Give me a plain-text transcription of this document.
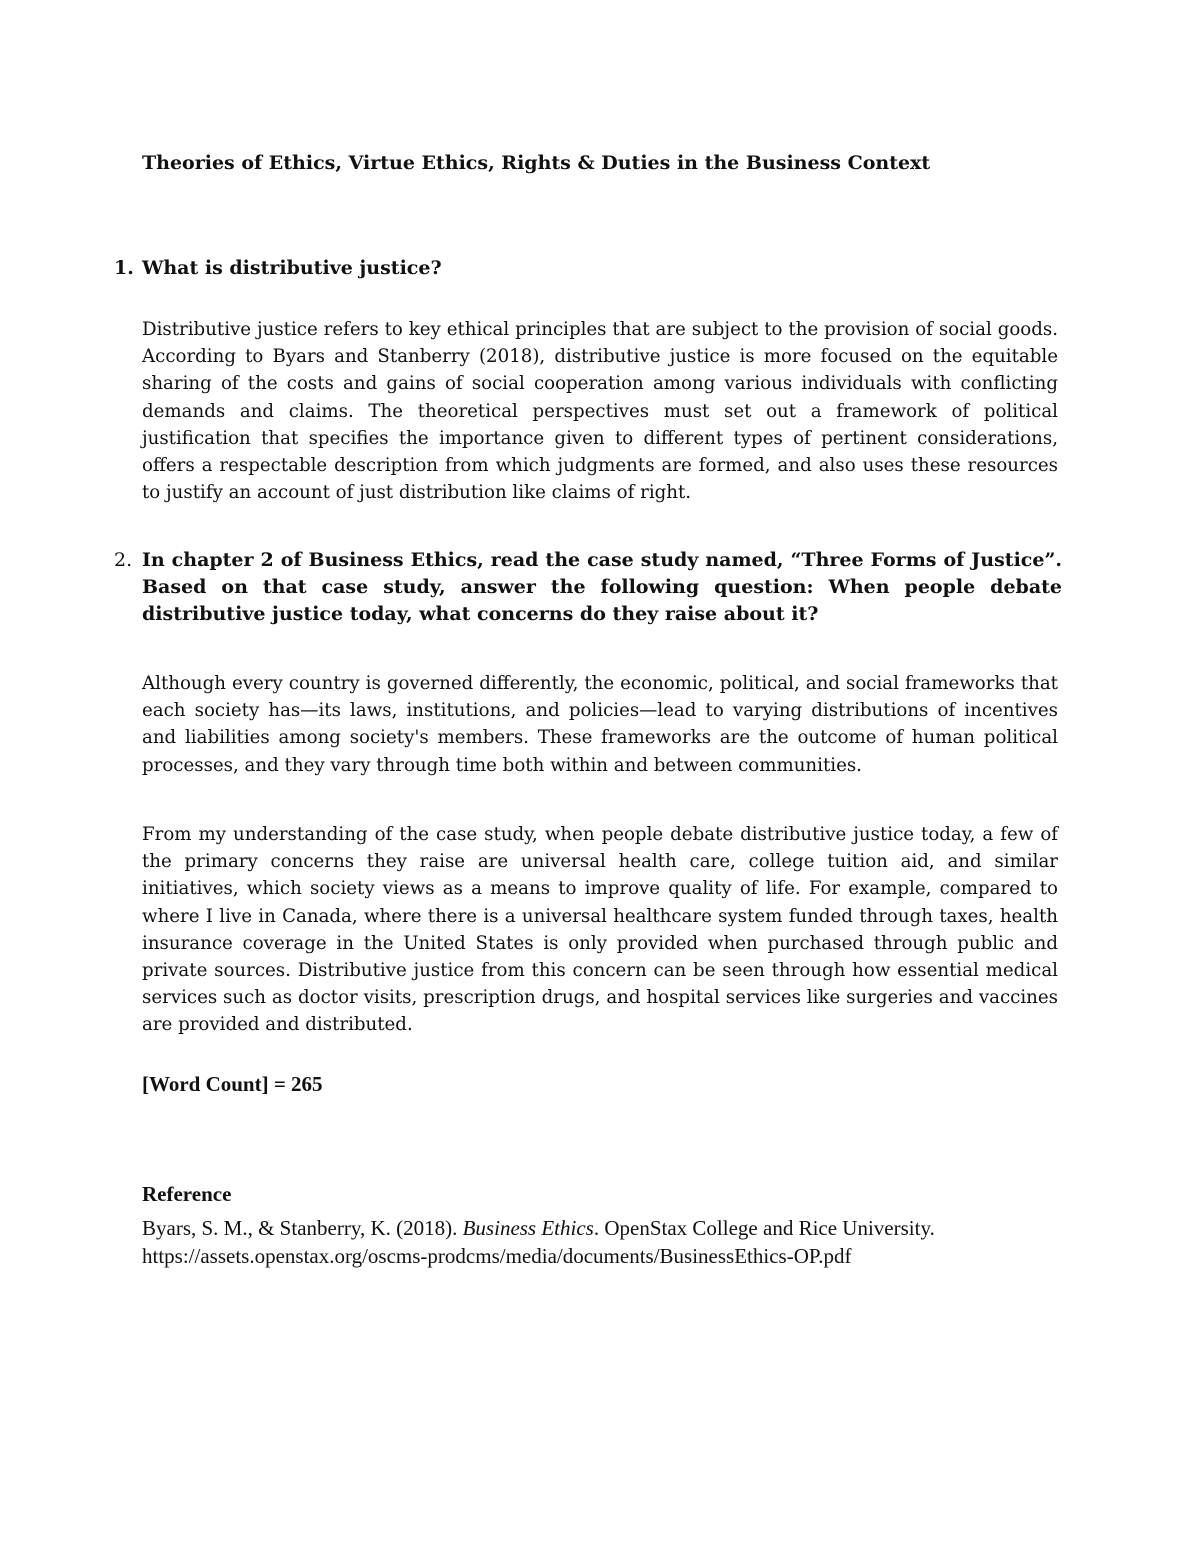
Theories of Ethics, Virtue Ethics, Rights & Duties in the Business Context
1. What is distributive justice?

Distributive justice refers to key ethical principles that are subject to the provision of social goods. According to Byars and Stanberry (2018), distributive justice is more focused on the equitable sharing of the costs and gains of social cooperation among various individuals with conflicting demands and claims. The theoretical perspectives must set out a framework of political justification that specifies the importance given to different types of pertinent considerations, offers a respectable description from which judgments are formed, and also uses these resources to justify an account of just distribution like claims of right.

2. In chapter 2 of Business Ethics, read the case study named, “Three Forms of Justice”. Based on that case study, answer the following question: When people debate distributive justice today, what concerns do they raise about it?

Although every country is governed differently, the economic, political, and social frameworks that each society has—its laws, institutions, and policies—lead to varying distributions of incentives and liabilities among society's members. These frameworks are the outcome of human political processes, and they vary through time both within and between communities.

From my understanding of the case study, when people debate distributive justice today, a few of the primary concerns they raise are universal health care, college tuition aid, and similar initiatives, which society views as a means to improve quality of life. For example, compared to where I live in Canada, where there is a universal healthcare system funded through taxes, health insurance coverage in the United States is only provided when purchased through public and private sources. Distributive justice from this concern can be seen through how essential medical services such as doctor visits, prescription drugs, and hospital services like surgeries and vaccines are provided and distributed.

[Word Count] = 265
Reference
Byars, S. M., & Stanberry, K. (2018). Business Ethics. OpenStax College and Rice University.
https://assets.openstax.org/oscms-prodcms/media/documents/BusinessEthics-OP.pdf
